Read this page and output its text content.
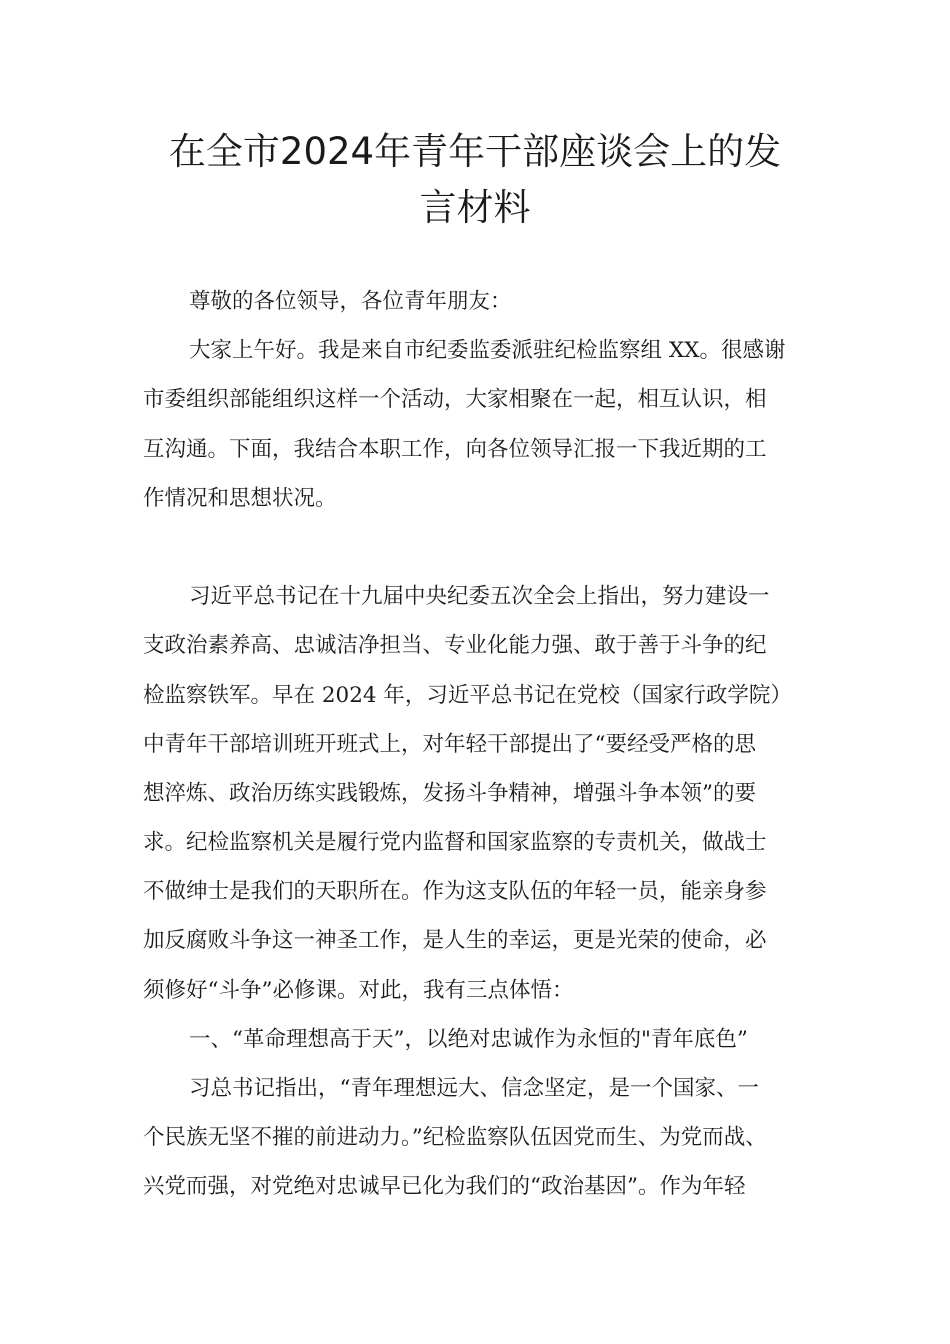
在全市2024年青年干部座谈会上的发
言材料
尊敬的各位领导，各位青年朋友：
大家上午好。我是来自市纪委监委派驻纪检监察组 XX。很感谢
市委组织部能组织这样一个活动，大家相聚在一起，相互认识，相
互沟通。下面，我结合本职工作，向各位领导汇报一下我近期的工
作情况和思想状况。
习近平总书记在十九届中央纪委五次全会上指出，努力建设一
支政治素养高、忠诚洁净担当、专业化能力强、敢于善于斗争的纪
检监察铁军。早在 2024 年，习近平总书记在党校（国家行政学院）
中青年干部培训班开班式上，对年轻干部提出了“要经受严格的思
想淬炼、政治历练实践锻炼，发扬斗争精神，增强斗争本领”的要
求。纪检监察机关是履行党内监督和国家监察的专责机关，做战士
不做绅士是我们的天职所在。作为这支队伍的年轻一员，能亲身参
加反腐败斗争这一神圣工作，是人生的幸运，更是光荣的使命，必
须修好“斗争”必修课。对此，我有三点体悟：
一、“革命理想高于天”，以绝对忠诚作为永恒的"青年底色”
习总书记指出，“青年理想远大、信念坚定，是一个国家、一
个民族无坚不摧的前进动力。”纪检监察队伍因党而生、为党而战、
兴党而强，对党绝对忠诚早已化为我们的“政治基因”。作为年轻
